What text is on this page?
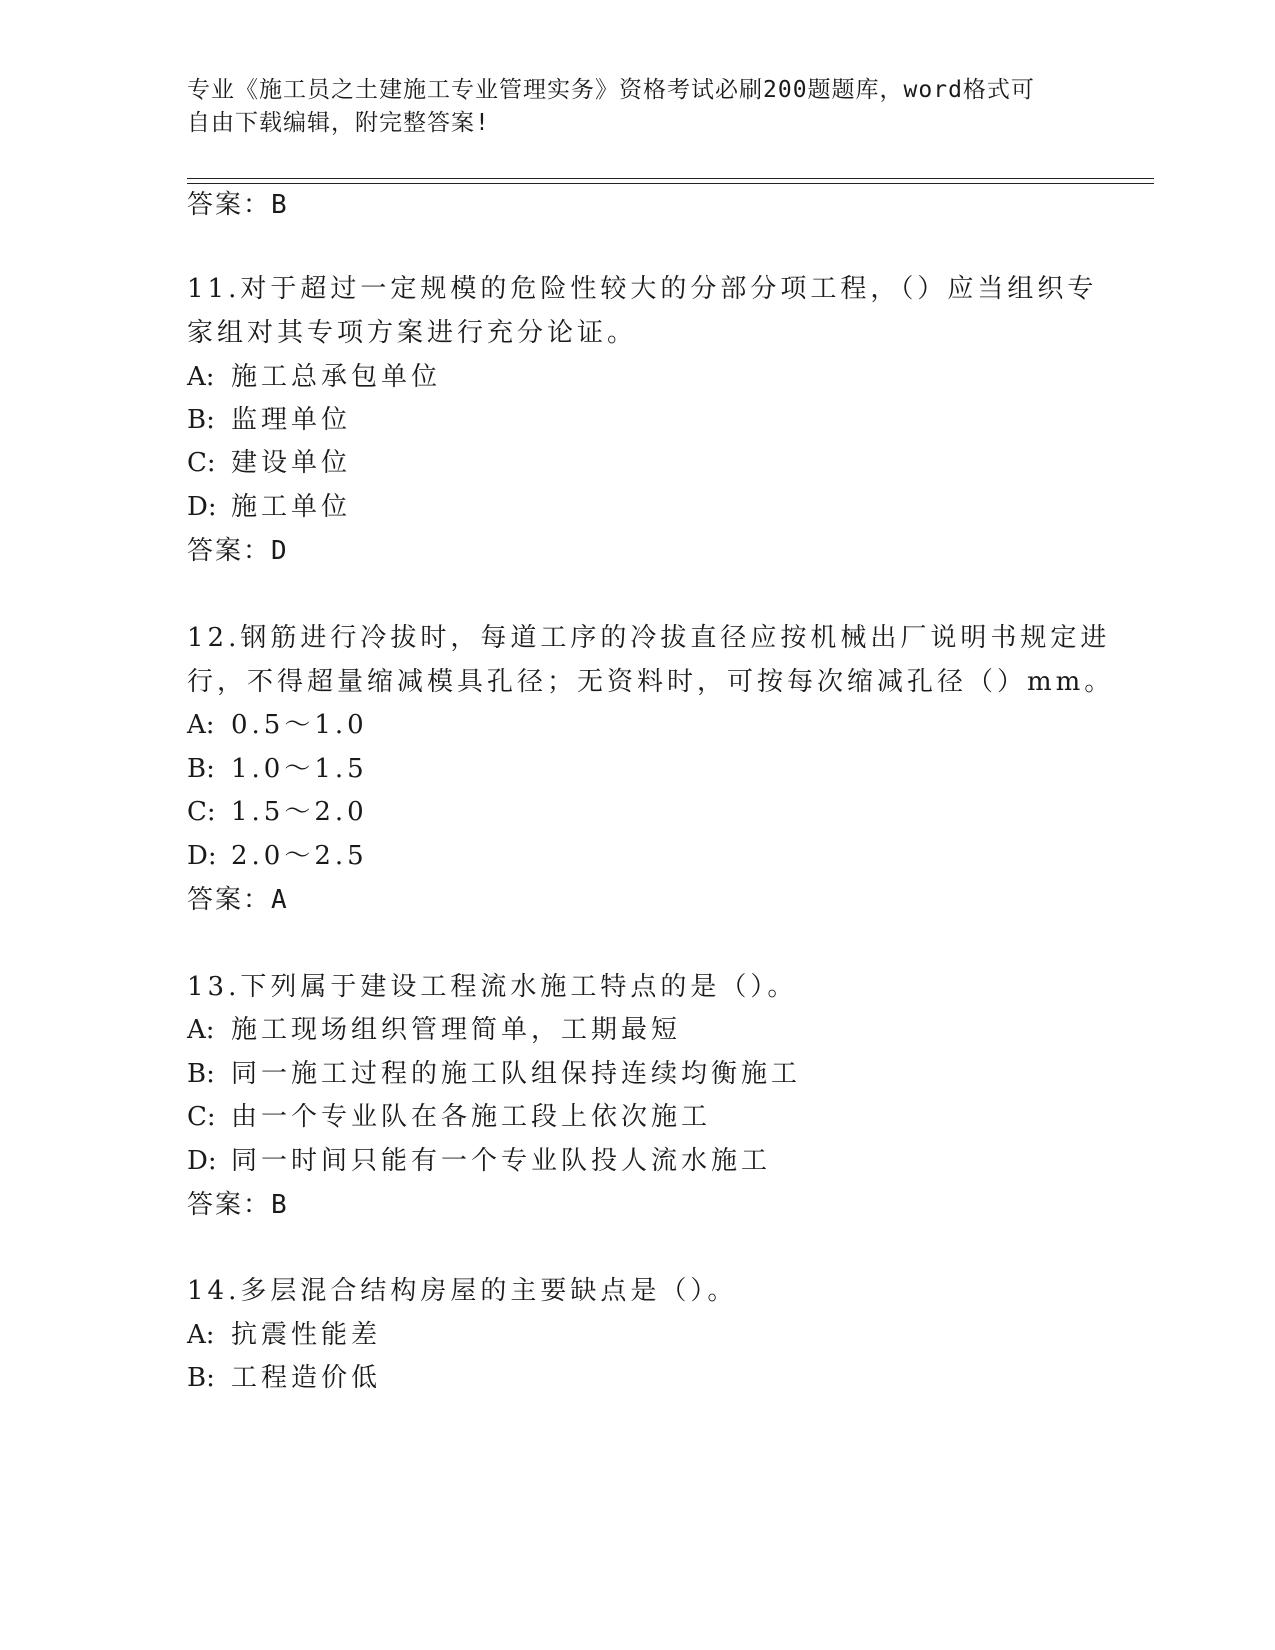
专业《施工员之土建施工专业管理实务》资格考试必刷200题题库，word格式可
自由下载编辑，附完整答案!
答案：B
11.对于超过一定规模的危险性较大的分部分项工程，（）应当组织专
家组对其专项方案进行充分论证。
A: 施工总承包单位
B: 监理单位
C: 建设单位
D: 施工单位
答案：D
12.钢筋进行冷拔时，每道工序的冷拔直径应按机械出厂说明书规定进
行，不得超量缩减模具孔径；无资料时，可按每次缩减孔径（）mm。
A: 0.5～1.0
B: 1.0～1.5
C: 1.5～2.0
D: 2.0～2.5
答案：A
13.下列属于建设工程流水施工特点的是（）。
A: 施工现场组织管理简单，工期最短
B: 同一施工过程的施工队组保持连续均衡施工
C: 由一个专业队在各施工段上依次施工
D: 同一时间只能有一个专业队投人流水施工
答案：B
14.多层混合结构房屋的主要缺点是（）。
A: 抗震性能差
B: 工程造价低
